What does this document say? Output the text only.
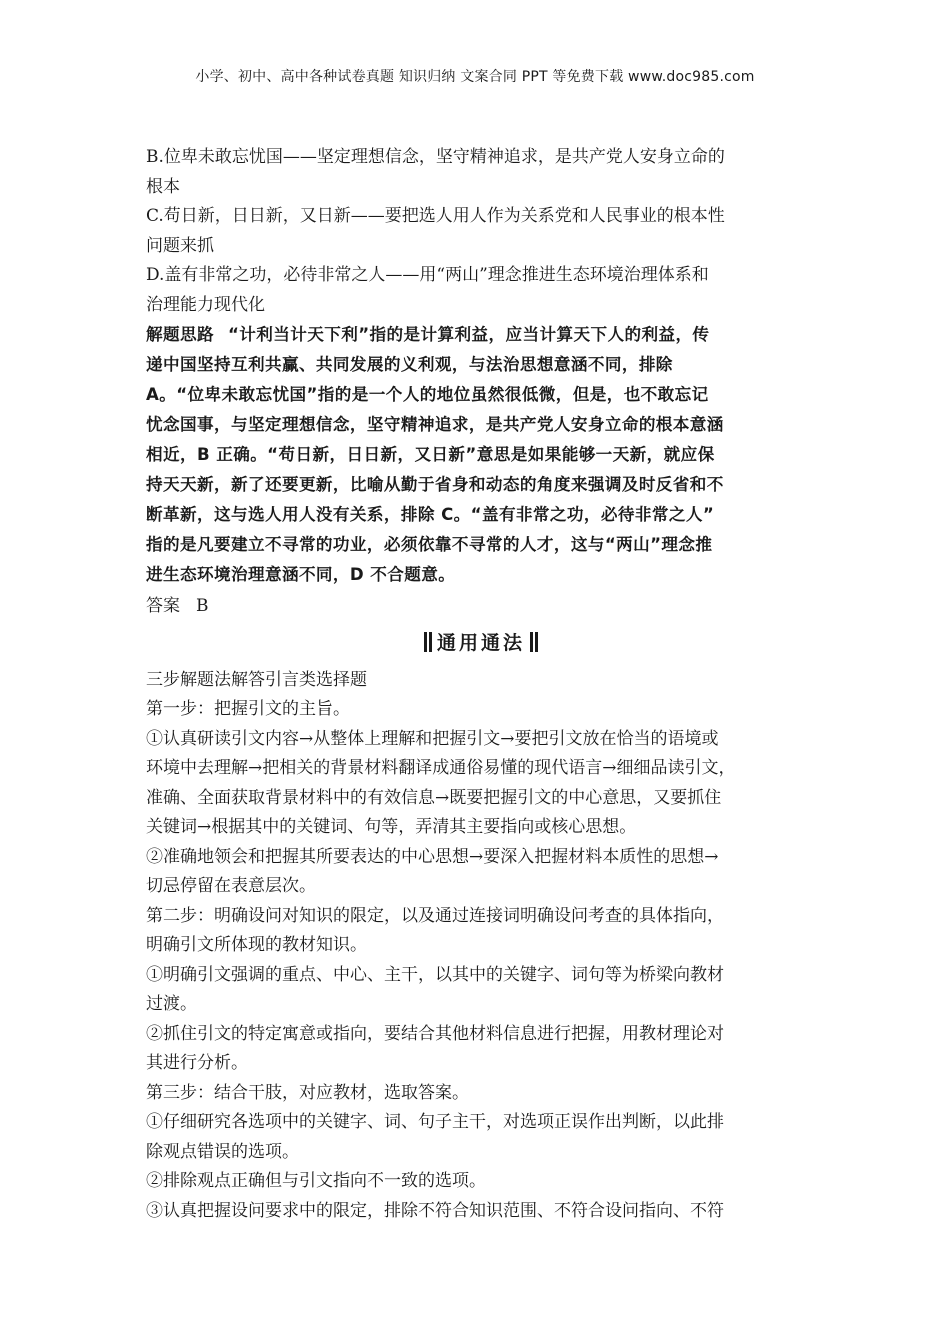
小学、初中、高中各种试卷真题 知识归纳 文案合同 PPT 等免费下载 www.doc985.com
B.位卑未敢忘忧国——坚定理想信念，坚守精神追求，是共产党人安身立命的
根本
C.苟日新，日日新，又日新——要把选人用人作为关系党和人民事业的根本性
问题来抓
D.盖有非常之功，必待非常之人——用“两山”理念推进生态环境治理体系和
治理能力现代化
解题思路 “计利当计天下利”指的是计算利益，应当计算天下人的利益，传
递中国坚持互利共赢、共同发展的义利观，与法治思想意涵不同，排除
A。“位卑未敢忘忧国”指的是一个人的地位虽然很低微，但是，也不敢忘记
忧念国事，与坚定理想信念，坚守精神追求，是共产党人安身立命的根本意涵
相近，B 正确。“苟日新，日日新，又日新”意思是如果能够一天新，就应保
持天天新，新了还要更新，比喻从勤于省身和动态的角度来强调及时反省和不
断革新，这与选人用人没有关系，排除 C。“盖有非常之功，必待非常之人”
指的是凡要建立不寻常的功业，必须依靠不寻常的人才，这与“两山”理念推
进生态环境治理意涵不同，D 不合题意。
答案 B
通用通法
三步解题法解答引言类选择题
第一步：把握引文的主旨。
①认真研读引文内容→从整体上理解和把握引文→要把引文放在恰当的语境或
环境中去理解→把相关的背景材料翻译成通俗易懂的现代语言→细细品读引文，
准确、全面获取背景材料中的有效信息→既要把握引文的中心意思，又要抓住
关键词→根据其中的关键词、句等，弄清其主要指向或核心思想。
②准确地领会和把握其所要表达的中心思想→要深入把握材料本质性的思想→
切忌停留在表意层次。
第二步：明确设问对知识的限定，以及通过连接词明确设问考查的具体指向，
明确引文所体现的教材知识。
①明确引文强调的重点、中心、主干，以其中的关键字、词句等为桥梁向教材
过渡。
②抓住引文的特定寓意或指向，要结合其他材料信息进行把握，用教材理论对
其进行分析。
第三步：结合干肢，对应教材，选取答案。
①仔细研究各选项中的关键字、词、句子主干，对选项正误作出判断，以此排
除观点错误的选项。
②排除观点正确但与引文指向不一致的选项。
③认真把握设问要求中的限定，排除不符合知识范围、不符合设问指向、不符
